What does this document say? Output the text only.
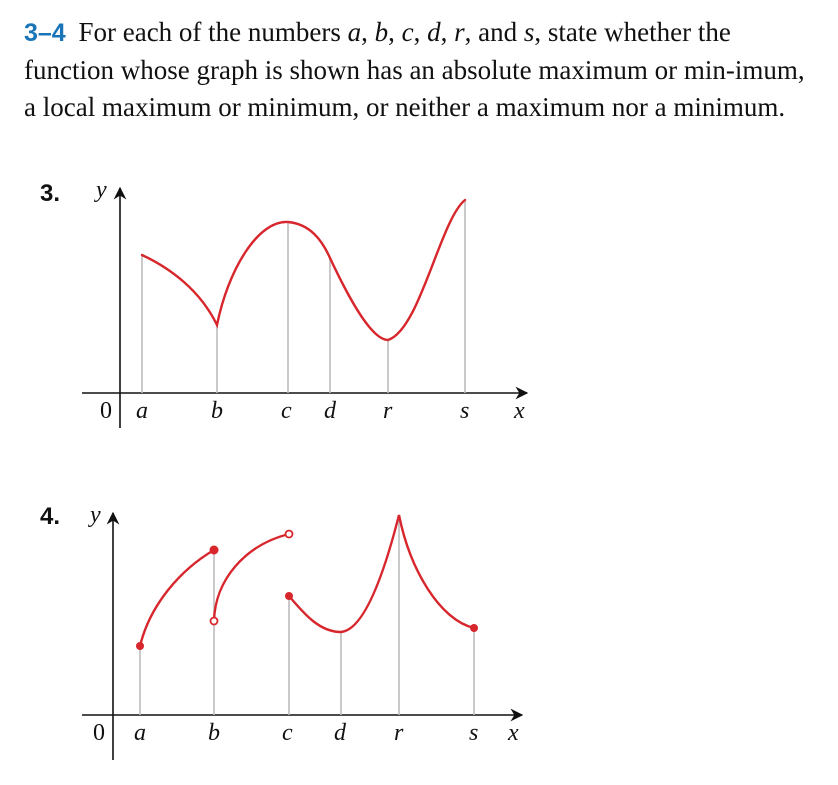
3–4 For each of the numbers a, b, c, d, r, and s, state whether the function whose graph is shown has an absolute maximum or min-imum, a local maximum or minimum, or neither a maximum nor a minimum.
3.
4.
y
0 a	b c d r	s x
y
0 a	b	c d r	s x
